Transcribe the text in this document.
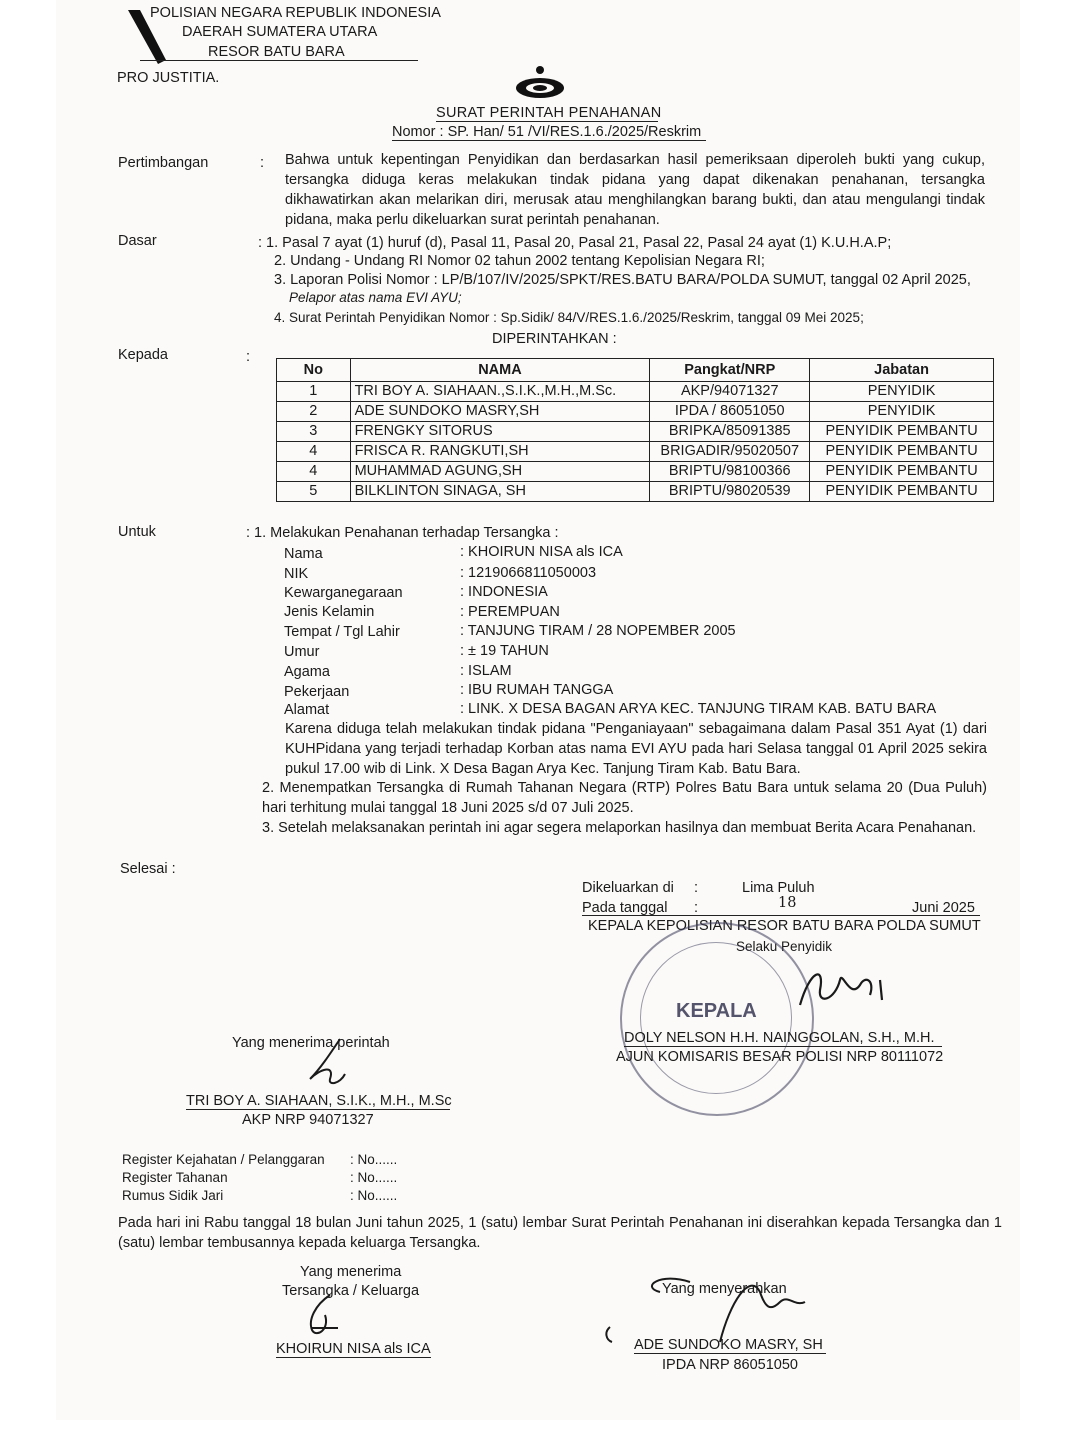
POLISIAN NEGARA REPUBLIK INDONESIA
DAERAH SUMATERA UTARA
RESOR BATU BARA
PRO JUSTITIA.
SURAT PERINTAH PENAHANAN
Nomor : SP. Han/ 51 /VI/RES.1.6./2025/Reskrim
Pertimbangan	: Bahwa untuk kepentingan Penyidikan dan berdasarkan hasil pemeriksaan diperoleh bukti yang cukup, tersangka diduga keras melakukan tindak pidana yang dapat dikenakan penahanan, tersangka dikhawatirkan akan melarikan diri, merusak atau menghilangkan barang bukti, dan atau mengulangi tindak pidana, maka perlu dikeluarkan surat perintah penahanan.
Dasar	: 1. Pasal 7 ayat (1) huruf (d), Pasal 11, Pasal 20, Pasal 21, Pasal 22, Pasal 24 ayat (1) K.U.H.A.P;
2. Undang - Undang RI Nomor 02 tahun 2002 tentang Kepolisian Negara RI;
3. Laporan Polisi Nomor : LP/B/107/IV/2025/SPKT/RES.BATU BARA/POLDA SUMUT, tanggal 02 April 2025,
Pelapor atas nama EVI AYU;
4. Surat Perintah Penyidikan Nomor : Sp.Sidik/ 84/V/RES.1.6./2025/Reskrim, tanggal 09 Mei 2025;
DIPERINTAHKAN :
Kepada	:
No	NAMA	Pangkat/NRP	Jabatan
1	TRI BOY A. SIAHAAN.,S.I.K.,M.H.,M.Sc.	AKP/94071327	PENYIDIK
2	ADE SUNDOKO MASRY,SH	IPDA / 86051050	PENYIDIK
3	FRENGKY SITORUS	BRIPKA/85091385	PENYIDIK PEMBANTU
4	FRISCA R. RANGKUTI,SH	BRIGADIR/95020507	PENYIDIK PEMBANTU
4	MUHAMMAD AGUNG,SH	BRIPTU/98100366	PENYIDIK PEMBANTU
5	BILKLINTON SINAGA, SH	BRIPTU/98020539	PENYIDIK PEMBANTU
Untuk	: 1. Melakukan Penahanan terhadap Tersangka :
Nama	: KHOIRUN NISA als ICA
NIK	: 1219066811050003
Kewarganegaraan	: INDONESIA
Jenis Kelamin	: PEREMPUAN
Tempat / Tgl Lahir	: TANJUNG TIRAM / 28 NOPEMBER 2005
Umur	: ± 19 TAHUN
Agama	: ISLAM
Pekerjaan	: IBU RUMAH TANGGA
Alamat	: LINK. X DESA BAGAN ARYA KEC. TANJUNG TIRAM KAB. BATU BARA
Karena diduga telah melakukan tindak pidana "Penganiayaan" sebagaimana dalam Pasal 351 Ayat (1) dari KUHPidana yang terjadi terhadap Korban atas nama EVI AYU pada hari Selasa tanggal 01 April 2025 sekira pukul 17.00 wib di Link. X Desa Bagan Arya Kec. Tanjung Tiram Kab. Batu Bara.
2. Menempatkan Tersangka di Rumah Tahanan Negara (RTP) Polres Batu Bara untuk selama 20 (Dua Puluh) hari terhitung mulai tanggal 18 Juni 2025 s/d 07 Juli 2025.
3. Setelah melaksanakan perintah ini agar segera melaporkan hasilnya dan membuat Berita Acara Penahanan.
Selesai :
Dikeluarkan di :	Lima Puluh
Pada tanggal :	18	Juni 2025
KEPALA KEPOLISIAN RESOR BATU BARA POLDA SUMUT
Selaku Penyidik
KEPALA
DOLY NELSON H.H. NAINGGOLAN, S.H., M.H.
AJUN KOMISARIS BESAR POLISI NRP 80111072
Yang menerima perintah
TRI BOY A. SIAHAAN, S.I.K., M.H., M.Sc
AKP NRP 94071327
Register Kejahatan / Pelanggaran : No......
Register Tahanan	: No......
Rumus Sidik Jari	: No......
Pada hari ini Rabu tanggal 18 bulan Juni tahun 2025, 1 (satu) lembar Surat Perintah Penahanan ini diserahkan kepada Tersangka dan 1 (satu) lembar tembusannya kepada keluarga Tersangka.
Yang menerima
Tersangka / Keluarga
KHOIRUN NISA als ICA
Yang menyerahkan
ADE SUNDOKO MASRY, SH
IPDA NRP 86051050
